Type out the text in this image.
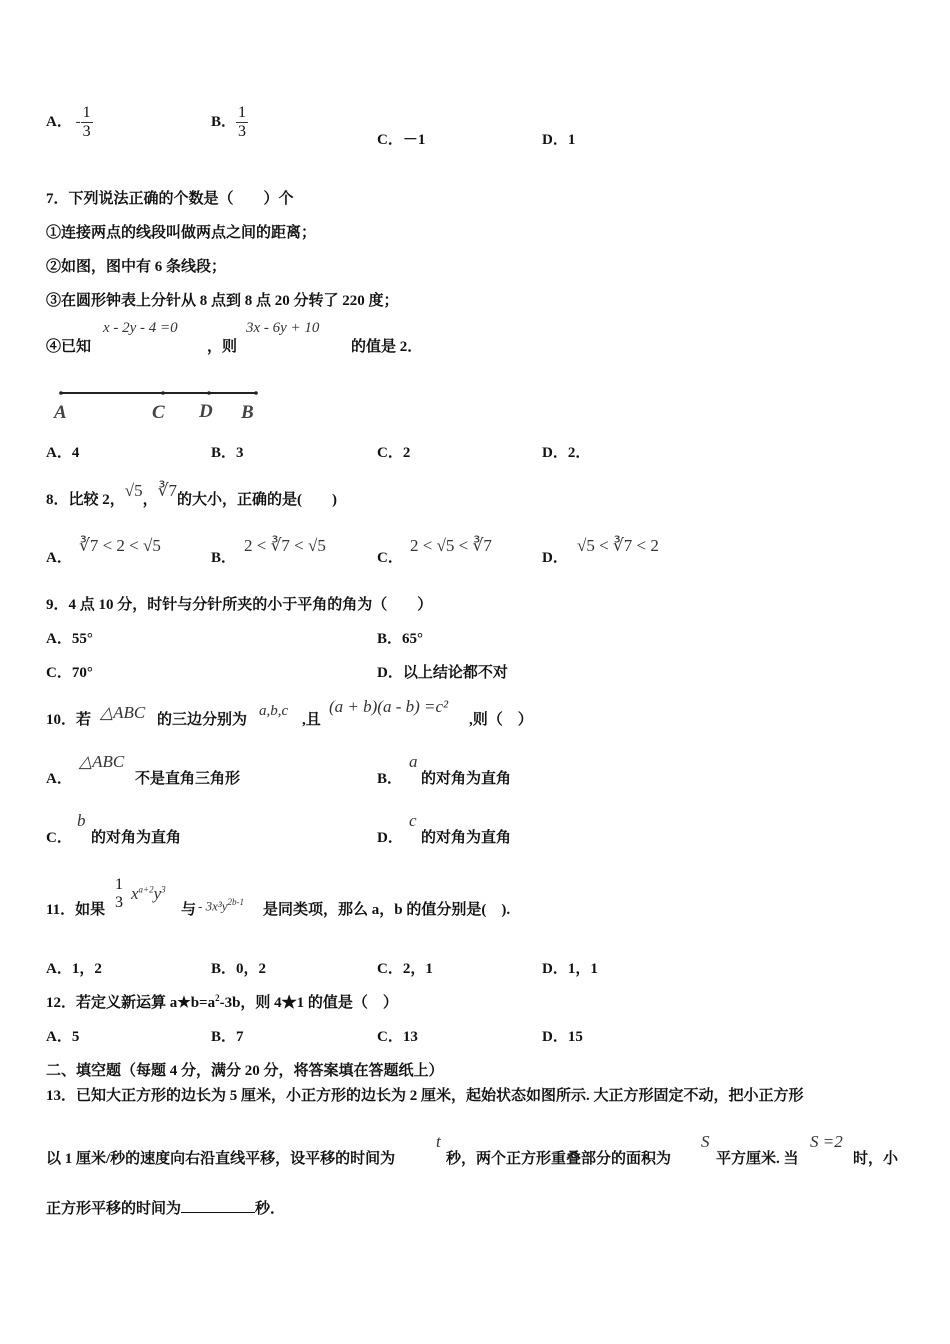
A． - $\frac{1}{3}$	B． $\frac{1}{3}$	C．－1	D．1
7．下列说法正确的个数是（　　）个
①连接两点的线段叫做两点之间的距离；
②如图，图中有 6 条线段；
③在圆形钟表上分针从 8 点到 8 点 20 分转了 220 度；
④已知
x - 2y - 4 =0
，则
3x - 6y + 10
的值是 2．
A	C D B
A．4	B．3	C．2	D．2．
8．比较 2，√5，∛7的大小，正确的是(　　)
A．
∛7 < 2 < √5
B．
2 < ∛7 < √5
C．
2 < √5 < ∛7
D．
√5 < ∛7 < 2
9．4 点 10 分，时针与分针所夹的小于平角的角为（　　）
A．55°	B．65°
C．70°	D．以上结论都不对
10．若 △ABC 的三边分别为
a,b,c
,且
(a + b)(a - b) =c²
,则（　）
A．
△ABC
不是直角三角形	B．
a
的对角为直角
C．
b
的对角为直角	D．
c
的对角为直角
11．如果
1
3 $x^{a+2}y^3$
与 - $3x^3y^{2b-1}$ 是同类项，那么 a，b 的值分别是(　).
A．1，2	B．0，2	C．2，1	D．1，1
12．若定义新运算 $a★b=a^2-3b$，则 4★1 的值是（　）
A．5	B．7	C．13	D．15
二、填空题（每题 4 分，满分 20 分，将答案填在答题纸上）
13．已知大正方形的边长为 5 厘米，小正方形的边长为 2 厘米，起始状态如图所示. 大正方形固定不动，把小正方形
以 1 厘米/秒的速度向右沿直线平移，设平移的时间为
t
秒，两个正方形重叠部分的面积为
S
平方厘米. 当
S =2
时，小
正方形平移的时间为	秒．
